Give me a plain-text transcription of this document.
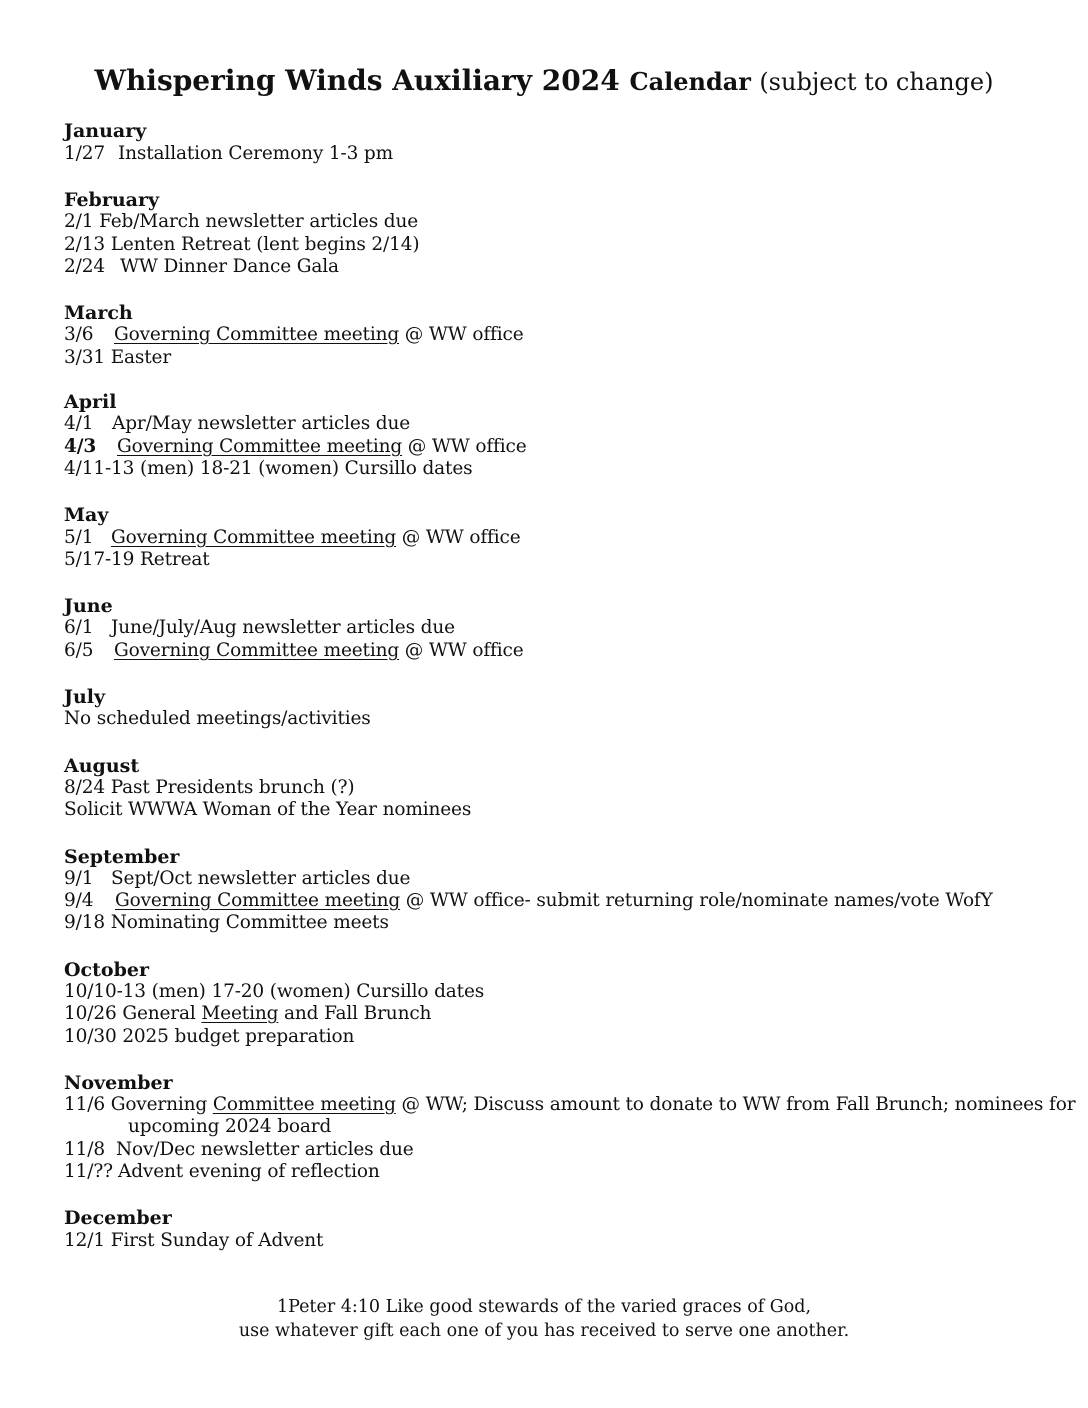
Whispering Winds Auxiliary 2024 Calendar (subject to change)
January
1/27 Installation Ceremony 1-3 pm
February
2/1 Feb/March newsletter articles due
2/13 Lenten Retreat (lent begins 2/14)
2/24 WW Dinner Dance Gala
March
3/6 Governing Committee meeting @ WW office
3/31 Easter
April
4/1 Apr/May newsletter articles due
4/3 Governing Committee meeting @ WW office
4/11-13 (men) 18-21 (women) Cursillo dates
May
5/1 Governing Committee meeting @ WW office
5/17-19 Retreat
June
6/1 June/July/Aug newsletter articles due
6/5 Governing Committee meeting @ WW office
July
No scheduled meetings/activities
August
8/24 Past Presidents brunch (?)
Solicit WWWA Woman of the Year nominees
September
9/1 Sept/Oct newsletter articles due
9/4 Governing Committee meeting @ WW office- submit returning role/nominate names/vote WofY
9/18 Nominating Committee meets
October
10/10-13 (men) 17-20 (women) Cursillo dates
10/26 General Meeting and Fall Brunch
10/30 2025 budget preparation
November
11/6 Governing Committee meeting @ WW; Discuss amount to donate to WW from Fall Brunch; nominees for
upcoming 2024 board
11/8 Nov/Dec newsletter articles due
11/?? Advent evening of reflection
December
12/1 First Sunday of Advent
1Peter 4:10 Like good stewards of the varied graces of God,
use whatever gift each one of you has received to serve one another.
